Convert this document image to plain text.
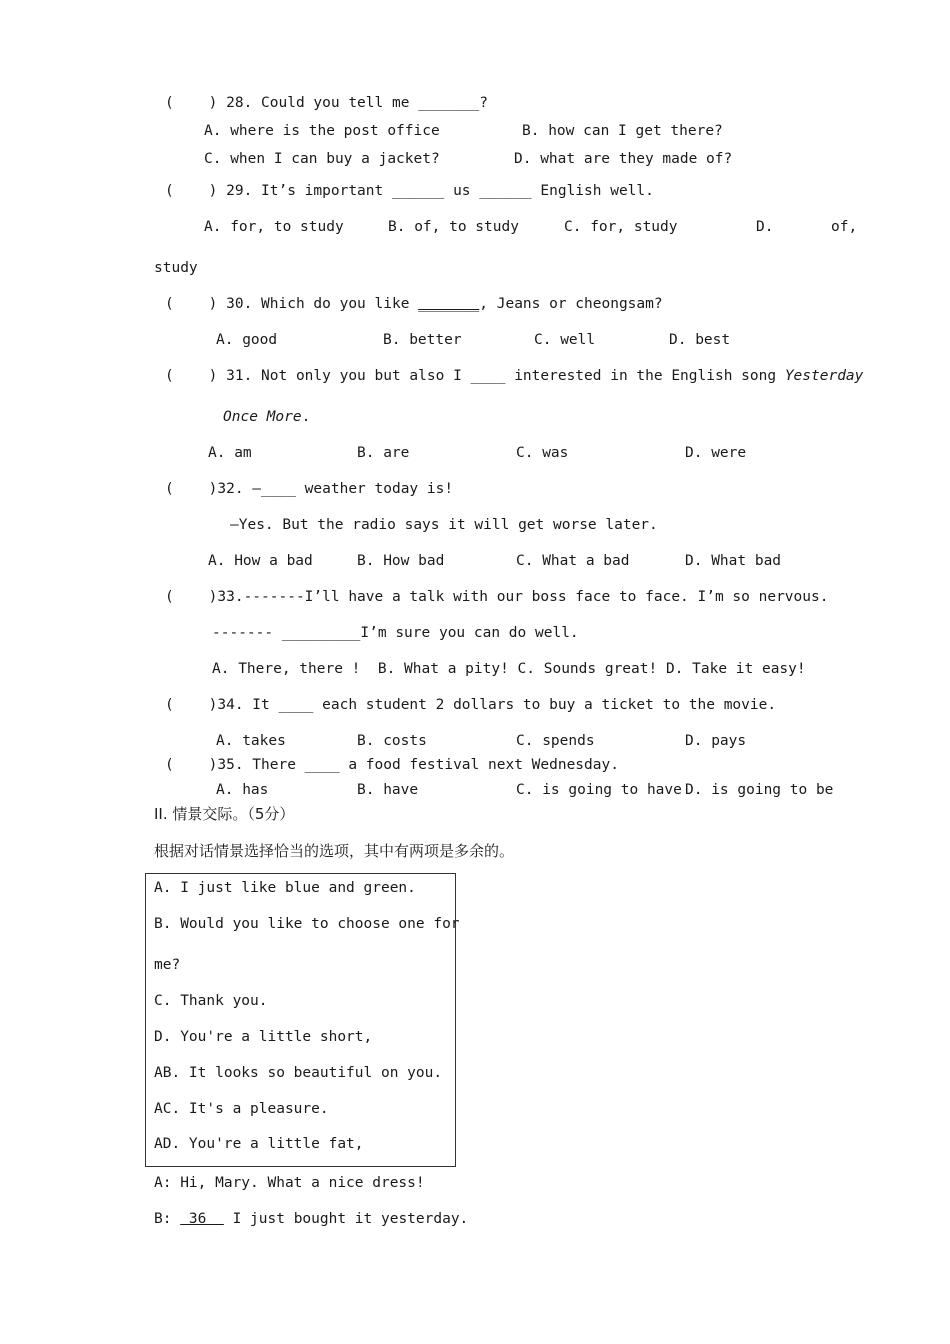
(    ) 28. Could you tell me _______?
A. where is the post office	B. how can I get there?
C. when I can buy a jacket?	D. what are they made of?
(    ) 29. It’s important ______ us ______ English well.
A. for, to study	B. of, to study	C. for, study	D.	of,
study
(    ) 30. Which do you like _______, Jeans or cheongsam?
A. good	B. better	C. well	D. best
(    ) 31. Not only you but also I ____ interested in the English song Yesterday
Once More.
A. am	B. are	C. was	D. were
(    )32. —____ weather today is!
—Yes. But the radio says it will get worse later.
A. How a bad	B. How bad	C. What a bad	D. What bad
(    )33.-------I’ll have a talk with our boss face to face. I’m so nervous.
------- _________I’m sure you can do well.
A. There, there !  B. What a pity! C. Sounds great! D. Take it easy!
(    )34. It ____ each student 2 dollars to buy a ticket to the movie.
A. takes	B. costs	C. spends	D. pays
(    )35. There ____ a food festival next Wednesday.
A. has	B. have	C. is going to have D. is going to be
II. 情景交际。（5分）
根据对话情景选择恰当的选项，其中有两项是多余的。
A. I just like blue and green.
B. Would you like to choose one for
me?
C. Thank you.
D. You're a little short,
AB. It looks so beautiful on you.
AC. It's a pleasure.
AD. You're a little fat,
A: Hi, Mary. What a nice dress!
B:  36   I just bought it yesterday.
